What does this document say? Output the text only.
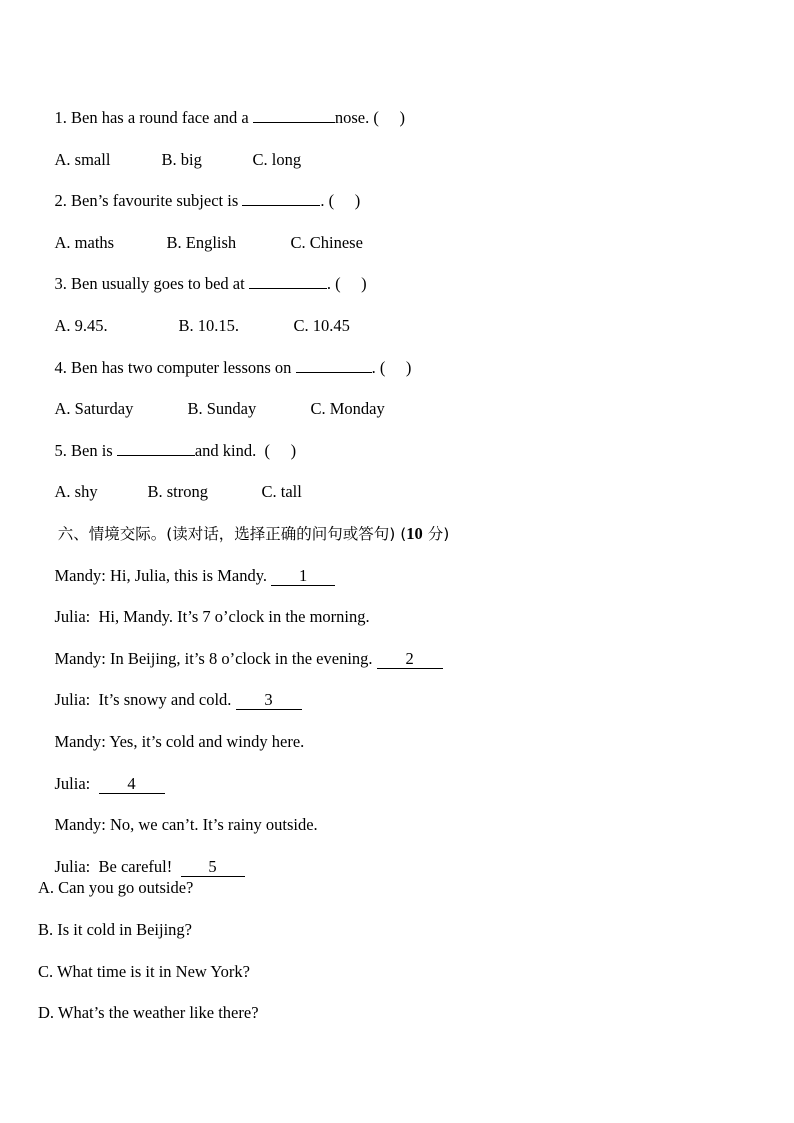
1. Ben has a round face and a	nose. (     )

A. small	B. big	C. long

2. Ben’s favourite subject is	. (     )

A. maths	B. English	C. Chinese

3. Ben usually goes to bed at	. (     )

A. 9.45.	B. 10.15.	C. 10.45

4. Ben has two computer lessons on	. (     )

A. Saturday	B. Sunday	C. Monday

5. Ben is	and kind.  (     )

A. shy	B. strong	C. tall

六、情境交际。(读对话，选择正确的问句或答句) (10 分)

Mandy: Hi, Julia, this is Mandy. 1

Julia:  Hi, Mandy. It’s 7 o’clock in the morning.

Mandy: In Beijing, it’s 8 o’clock in the evening. 2

Julia:  It’s snowy and cold. 3

Mandy: Yes, it’s cold and windy here.

Julia:  4

Mandy: No, we can’t. It’s rainy outside.

Julia:  Be careful!  5

A. Can you go outside?
B. Is it cold in Beijing?
C. What time is it in New York?
D. What’s the weather like there?
